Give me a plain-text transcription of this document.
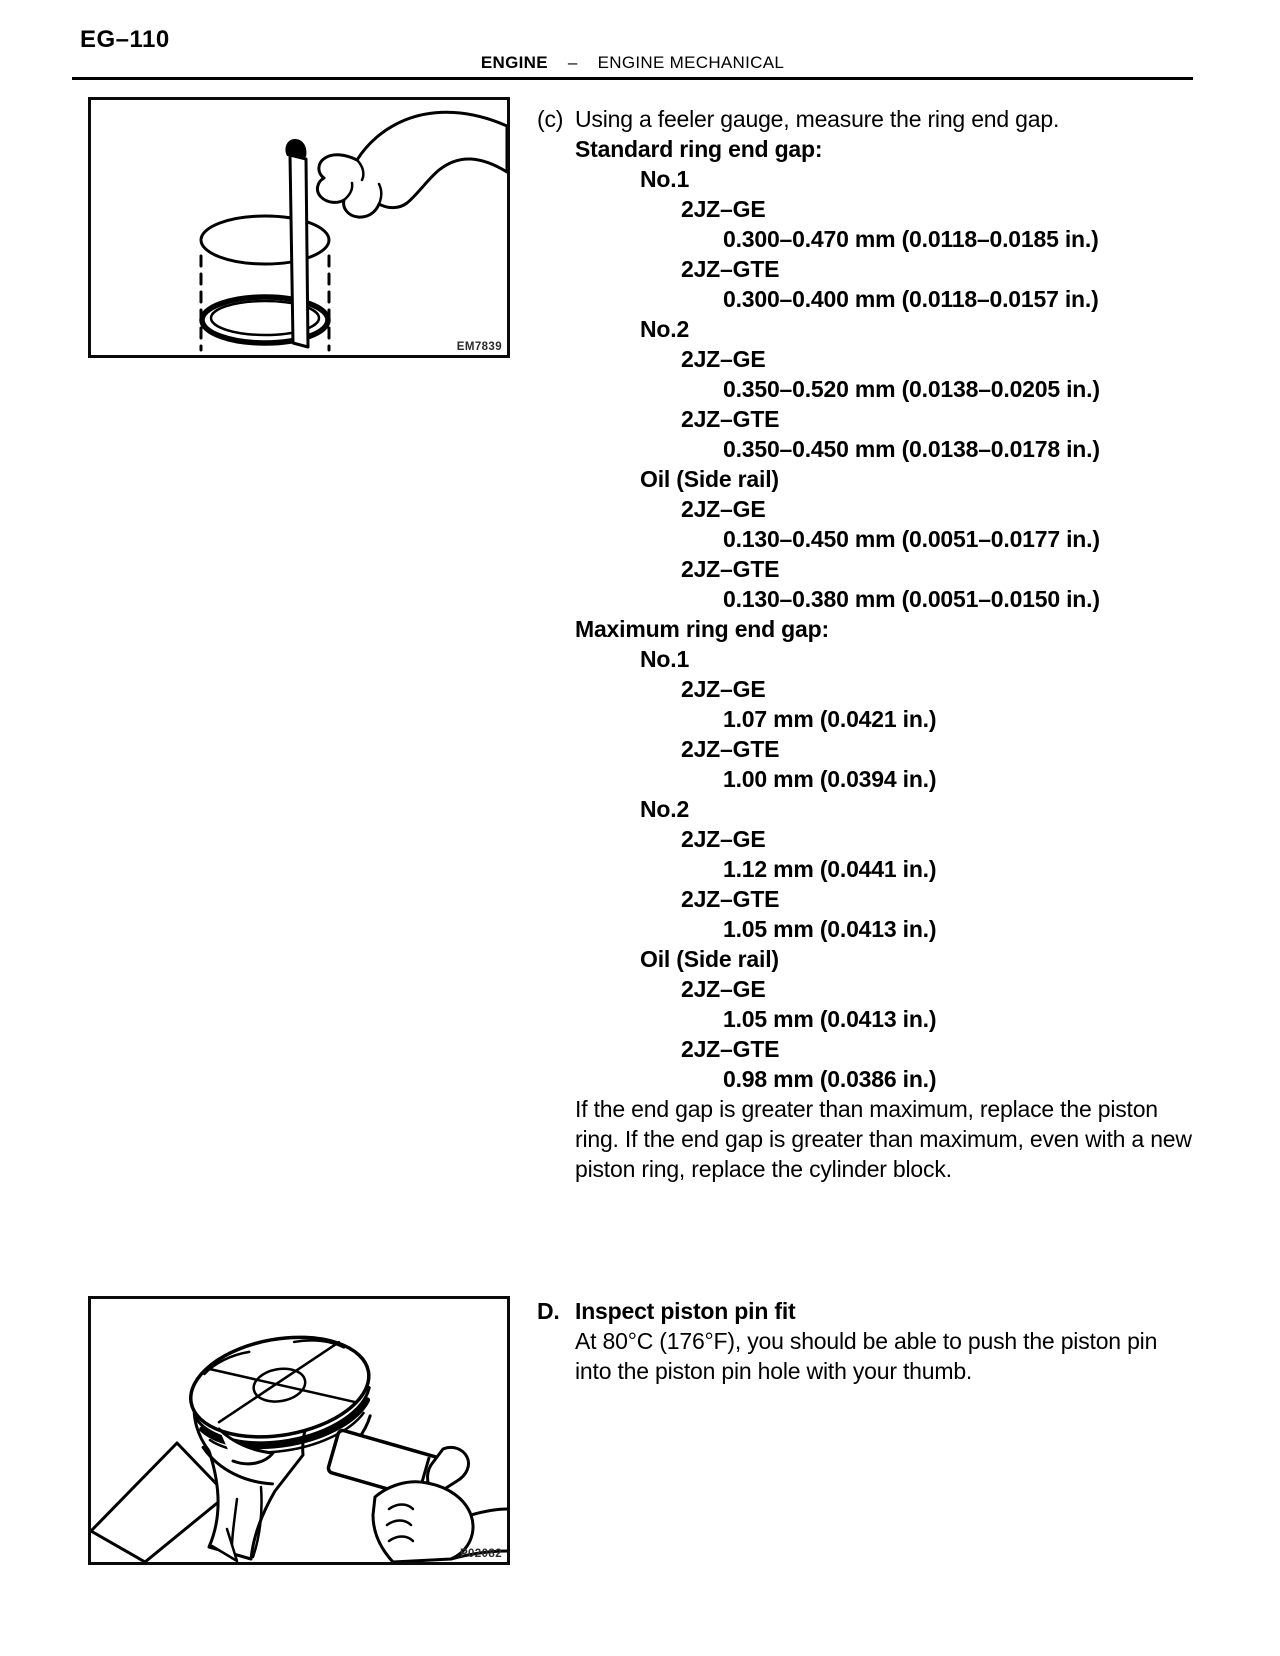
EG–110
ENGINE – ENGINE MECHANICAL
EM7839
(c) Using a feeler gauge, measure the ring end gap.
Standard ring end gap:
No.1
2JZ–GE
0.300–0.470 mm (0.0118–0.0185 in.)
2JZ–GTE
0.300–0.400 mm (0.0118–0.0157 in.)
No.2
2JZ–GE
0.350–0.520 mm (0.0138–0.0205 in.)
2JZ–GTE
0.350–0.450 mm (0.0138–0.0178 in.)
Oil (Side rail)
2JZ–GE
0.130–0.450 mm (0.0051–0.0177 in.)
2JZ–GTE
0.130–0.380 mm (0.0051–0.0150 in.)
Maximum ring end gap:
No.1
2JZ–GE
1.07 mm (0.0421 in.)
2JZ–GTE
1.00 mm (0.0394 in.)
No.2
2JZ–GE
1.12 mm (0.0441 in.)
2JZ–GTE
1.05 mm (0.0413 in.)
Oil (Side rail)
2JZ–GE
1.05 mm (0.0413 in.)
2JZ–GTE
0.98 mm (0.0386 in.)
If the end gap is greater than maximum, replace the piston
ring. If the end gap is greater than maximum, even with a new
piston ring, replace the cylinder block.
D. Inspect piston pin fit
At 80°C (176°F), you should be able to push the piston pin
into the piston pin hole with your thumb.
P02082
